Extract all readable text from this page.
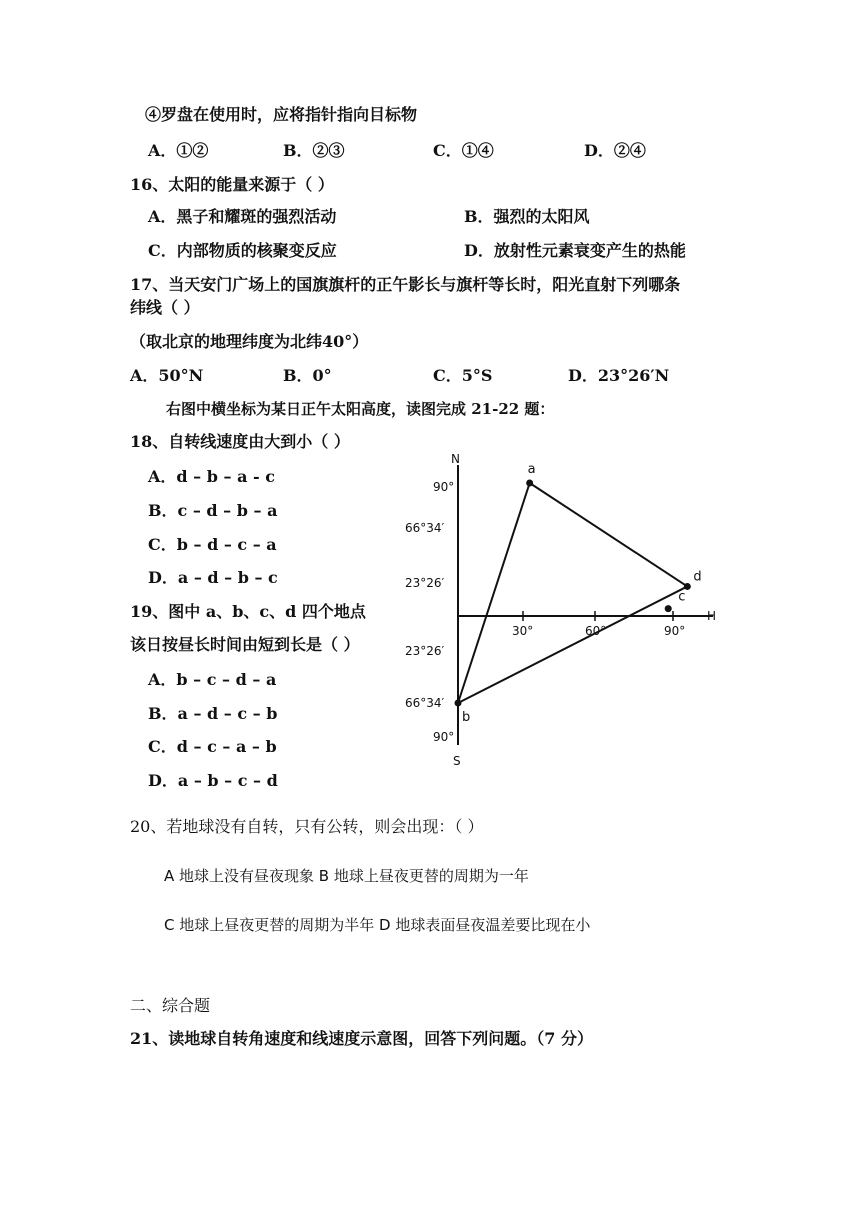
④罗盘在使用时，应将指针指向目标物
A．①②	B．②③	C．①④	D．②④
16、太阳的能量来源于（ ）
A．黑子和耀斑的强烈活动	B．强烈的太阳风
C．内部物质的核聚变反应	D．放射性元素衰变产生的热能
17、当天安门广场上的国旗旗杆的正午影长与旗杆等长时，阳光直射下列哪条
纬线（ ）
（取北京的地理纬度为北纬40°）
A．50°N	B．0°	C．5°S	D．23°26′N
右图中横坐标为某日正午太阳高度，读图完成 21-22 题：
18、自转线速度由大到小（ ）
A．d – b – a - c
B．c – d – b – a
C．b – d – c – a
D．a – d – b – c
19、图中 a、b、c、d 四个地点
该日按昼长时间由短到长是（ ）
A．b – c – d – a
B．a – d – c – b
C．d – c – a – b
D．a – b – c – d
N
S
H
90°
66°34′
23°26′
23°26′
66°34′
90°
30°	60°	90°
a
b
c
d
20、若地球没有自转，只有公转，则会出现：（ ）
A 地球上没有昼夜现象 B 地球上昼夜更替的周期为一年
C 地球上昼夜更替的周期为半年 D 地球表面昼夜温差要比现在小
二、综合题
21、读地球自转角速度和线速度示意图，回答下列问题。（7 分）
